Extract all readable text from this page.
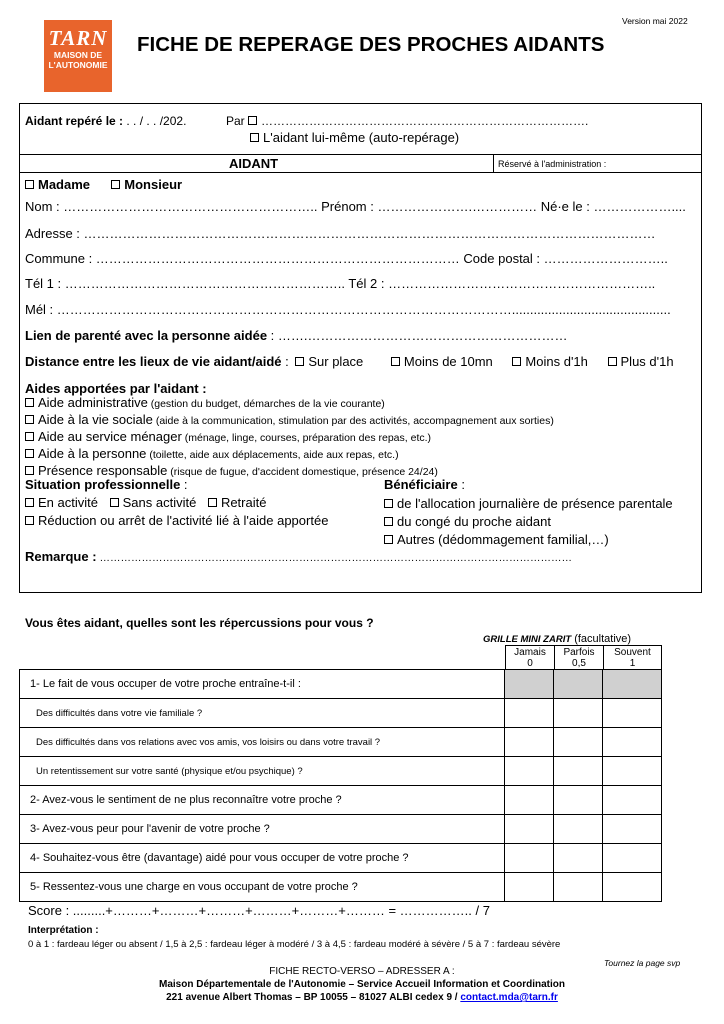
Version mai 2022
TARN
MAISON DE
L'AUTONOMIE
FICHE DE REPERAGE DES PROCHES AIDANTS
Aidant repéré le : . . / . . /202.	Par ……………………………………………………………………….
L'aidant lui-même (auto-repérage)
AIDANT	Réservé à l'administration :
Madame	Monsieur
Nom : ………………………………………………….. Prénom : ………………….…………… Né·e le : ………………....
Adresse : ……………………………………………………………………………………………………………………
Commune : ………………………………………………………………………… Code postal : ………………………..
Tél 1 : ……………………………………………………….. Tél 2 : ……………………………………………………..
Mél : ……………………………………………………………………………………………............................................
Lien de parenté avec la personne aidée : …….……………………………………………………
Distance entre les lieux de vie aidant/aidé : Sur place	Moins de 10mn	Moins d'1h	Plus d'1h
Aides apportées par l'aidant :
Aide administrative (gestion du budget, démarches de la vie courante)
Aide à la vie sociale (aide à la communication, stimulation par des activités, accompagnement aux sorties)
Aide au service ménager (ménage, linge, courses, préparation des repas, etc.)
Aide à la personne (toilette, aide aux déplacements, aide aux repas, etc.)
Présence responsable (risque de fugue, d'accident domestique, présence 24/24)
Situation professionnelle :
En activité Sans activité Retraité
Réduction ou arrêt de l'activité lié à l'aide apportée
Bénéficiaire :
de l'allocation journalière de présence parentale
du congé du proche aidant
Autres (dédommagement familial,…)
Remarque : ………………………………………………………………………………………………………………………
Vous êtes aidant, quelles sont les répercussions pour vous ?
GRILLE MINI ZARIT (facultative)
Jamais
0
Parfois
0,5
Souvent
1
1- Le fait de vous occuper de votre proche entraîne-t-il :			
Des difficultés dans votre vie familiale ?			
Des difficultés dans vos relations avec vos amis, vos loisirs ou dans votre travail ?			
Un retentissement sur votre santé (physique et/ou psychique) ?			
2- Avez-vous le sentiment de ne plus reconnaître votre proche ?			
3- Avez-vous peur pour l'avenir de votre proche ?			
4- Souhaitez-vous être (davantage) aidé pour vous occuper de votre proche ?			
5- Ressentez-vous une charge en vous occupant de votre proche ?			
Score : .........+………+………+………+………+………+……… = …………….. / 7
Interprétation :
0 à 1 : fardeau léger ou absent / 1,5 à 2,5 : fardeau léger à modéré / 3 à 4,5 : fardeau modéré à sévère / 5 à 7 : fardeau sévère
Tournez la page svp
FICHE RECTO-VERSO – ADRESSER A :
Maison Départementale de l'Autonomie – Service Accueil Information et Coordination
221 avenue Albert Thomas – BP 10055 – 81027 ALBI cedex 9 / contact.mda@tarn.fr
